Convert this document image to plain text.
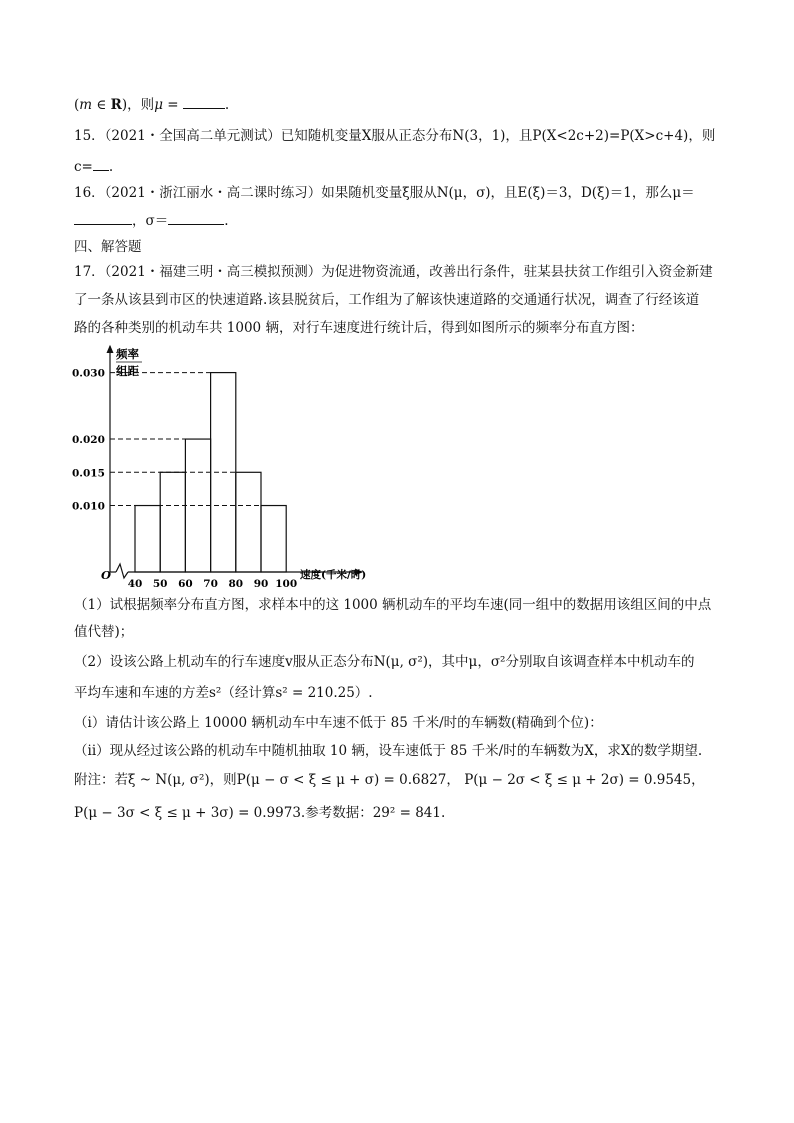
(m ∈ R)，则μ =	.
15．（2021・全国高二单元测试）已知随机变量X服从正态分布N(3，1)，且P(X<2c+2)=P(X>c+4)，则
c= .
16．（2021・浙江丽水・高二课时练习）如果随机变量ξ服从N(μ，σ)，且E(ξ)＝3，D(ξ)＝1，那么μ＝
，σ＝	.
四、解答题
17．（2021・福建三明・高三模拟预测）为促进物资流通，改善出行条件，驻某县扶贫工作组引入资金新建
了一条从该县到市区的快速道路.该县脱贫后，工作组为了解该快速道路的交通通行状况，调查了行经该道
路的各种类别的机动车共 1000 辆，对行车速度进行统计后，得到如图所示的频率分布直方图：
频率
组距
O	速度(千米/时)
0.010
0.015
0.020
0.030
40 50 60 70 80 90 100
（1）试根据频率分布直方图，求样本中的这 1000 辆机动车的平均车速(同一组中的数据用该组区间的中点
值代替)；
（2）设该公路上机动车的行车速度v服从正态分布N(μ, σ²)，其中μ，σ²分别取自该调查样本中机动车的
平均车速和车速的方差s²（经计算s² = 210.25）.
（i）请估计该公路上 10000 辆机动车中车速不低于 85 千米/时的车辆数(精确到个位)：
（ii）现从经过该公路的机动车中随机抽取 10 辆，设车速低于 85 千米/时的车辆数为X，求X的数学期望.
附注：若ξ ~ N(μ, σ²)，则P(μ − σ < ξ ≤ μ + σ) = 0.6827， P(μ − 2σ < ξ ≤ μ + 2σ) = 0.9545，
P(μ − 3σ < ξ ≤ μ + 3σ) = 0.9973.参考数据：29² = 841.
